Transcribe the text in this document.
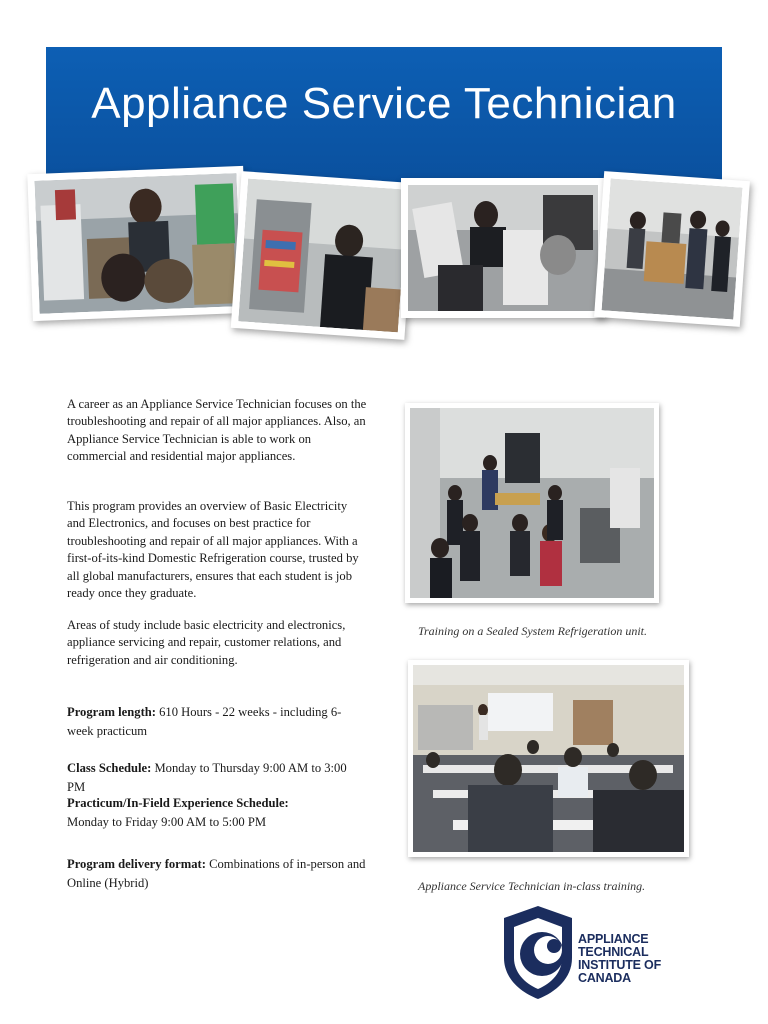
Appliance Service Technician

A career as an Appliance Service Technician focuses on the troubleshooting and repair of all major appliances. Also, an Appliance Service Technician is able to work on commercial and residential major appliances.

This program provides an overview of Basic Electricity and Electronics, and focuses on best practice for troubleshooting and repair of all major appliances. With a first-of-its-kind Domestic Refrigeration course, trusted by all global manufacturers, ensures that each student is job ready once they graduate.

Areas of study include basic electricity and electronics, appliance servicing and repair, customer relations, and refrigeration and air conditioning.

Program length: 610 Hours - 22 weeks - including 6-week practicum
Class Schedule: Monday to Thursday 9:00 AM to 3:00 PM
Practicum/In-Field Experience Schedule:
Monday to Friday 9:00 AM to 5:00 PM
Program delivery format: Combinations of in-person and Online (Hybrid)
Training on a Sealed System Refrigeration unit.
Appliance Service Technician in-class training.
APPLIANCE TECHNICAL
INSTITUTE OF CANADA
